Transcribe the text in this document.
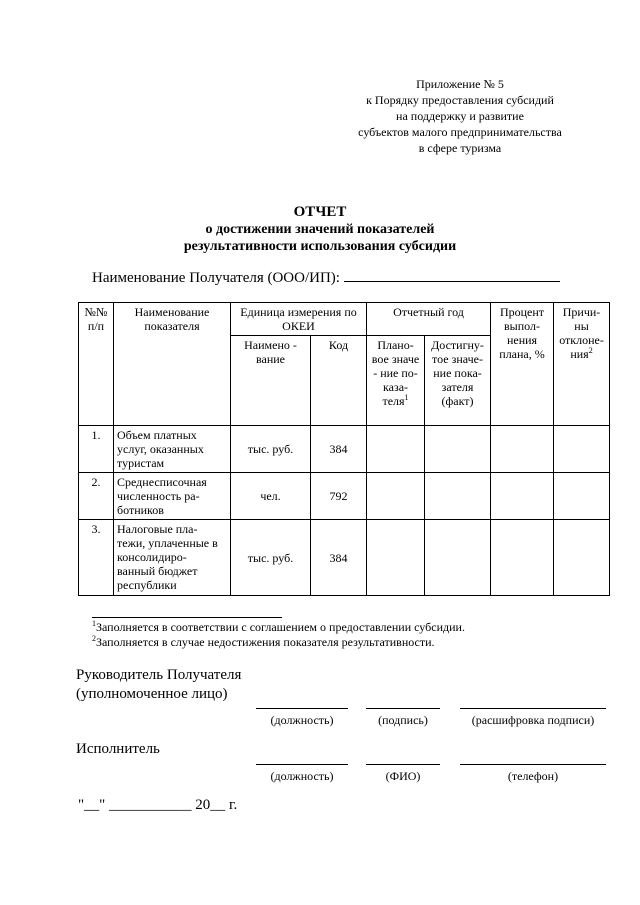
Приложение № 5
к Порядку предоставления субсидий
на поддержку и развитие
субъектов малого предпринимательства
в сфере туризма
ОТЧЕТ
о достижении значений показателей
результативности использования субсидии
Наименование Получателя (ООО/ИП):
№№ п/п	Наименование показателя	Единица измерения по ОКЕИ		Отчетный год		Процент выпол- нения плана, %	Причи- ны отклоне- ния$^2$
		Наимено - вание	Код	Плано- вое значе - ние по- каза- теля$^1$	Достигну- тое значе- ние пока- зателя (факт)		
1.	Объем платных услуг, оказанных туристам	тыс. руб.	384				
2.	Среднесписочная численность ра- ботников	чел.	792				
3.	Налоговые пла- тежи, уплаченные в консолидиро- ванный бюджет республики	тыс. руб.	384				
$^1$Заполняется в соответствии с соглашением о предоставлении субсидии.
$^2$Заполняется в случае недостижения показателя результативности.
Руководитель Получателя
(уполномоченное лицо)
(должность)	(подпись)	(расшифровка подписи)
Исполнитель
(должность)	(ФИО)	(телефон)
"__" ___________ 20__ г.
